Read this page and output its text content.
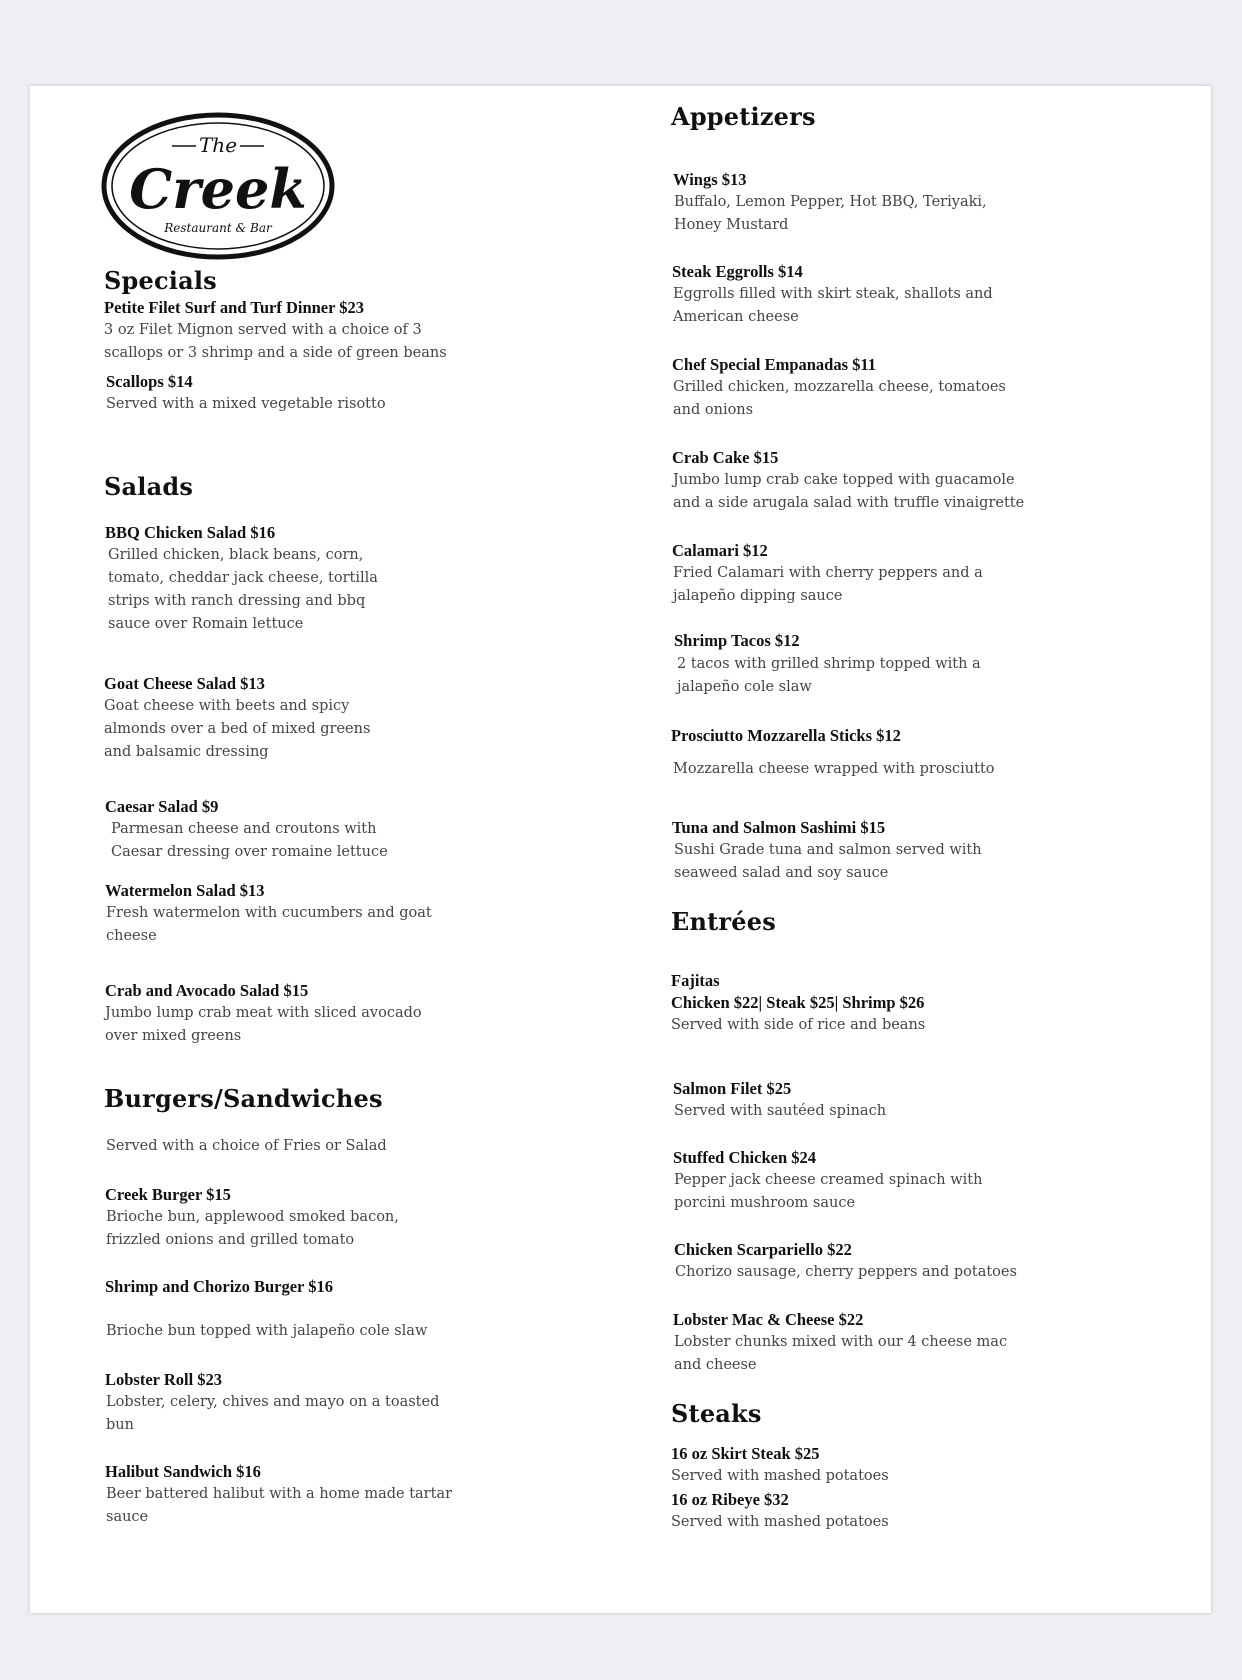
The
Creek
Restaurant & Bar
Specials
Petite Filet Surf and Turf Dinner $23
3 oz Filet Mignon served with a choice of 3
scallops or 3 shrimp and a side of green beans
Scallops $14
Served with a mixed vegetable risotto
Salads
BBQ Chicken Salad $16
Grilled chicken, black beans, corn,
tomato, cheddar jack cheese, tortilla
strips with ranch dressing and bbq
sauce over Romain lettuce
Goat Cheese Salad $13
Goat cheese with beets and spicy
almonds over a bed of mixed greens
and balsamic dressing
Caesar Salad $9
Parmesan cheese and croutons with
Caesar dressing over romaine lettuce
Watermelon Salad $13
Fresh watermelon with cucumbers and goat
cheese
Crab and Avocado Salad $15
Jumbo lump crab meat with sliced avocado
over mixed greens
Burgers/Sandwiches
Served with a choice of Fries or Salad
Creek Burger $15
Brioche bun, applewood smoked bacon,
frizzled onions and grilled tomato
Shrimp and Chorizo Burger $16
Brioche bun topped with jalapeño cole slaw
Lobster Roll $23
Lobster, celery, chives and mayo on a toasted
bun
Halibut Sandwich $16
Beer battered halibut with a home made tartar
sauce
Appetizers
Wings $13
Buffalo, Lemon Pepper, Hot BBQ, Teriyaki,
Honey Mustard
Steak Eggrolls $14
Eggrolls filled with skirt steak, shallots and
American cheese
Chef Special Empanadas $11
Grilled chicken, mozzarella cheese, tomatoes
and onions
Crab Cake $15
Jumbo lump crab cake topped with guacamole
and a side arugala salad with truffle vinaigrette
Calamari $12
Fried Calamari with cherry peppers and a
jalapeño dipping sauce
Shrimp Tacos $12
2 tacos with grilled shrimp topped with a
jalapeño cole slaw
Prosciutto Mozzarella Sticks $12
Mozzarella cheese wrapped with prosciutto
Tuna and Salmon Sashimi $15
Sushi Grade tuna and salmon served with
seaweed salad and soy sauce
Entrées
Fajitas
Chicken $22| Steak $25| Shrimp $26
Served with side of rice and beans
Salmon Filet $25
Served with sautéed spinach
Stuffed Chicken $24
Pepper jack cheese creamed spinach with
porcini mushroom sauce
Chicken Scarpariello $22
Chorizo sausage, cherry peppers and potatoes
Lobster Mac & Cheese $22
Lobster chunks mixed with our 4 cheese mac
and cheese
Steaks
16 oz Skirt Steak $25
Served with mashed potatoes
16 oz Ribeye $32
Served with mashed potatoes
